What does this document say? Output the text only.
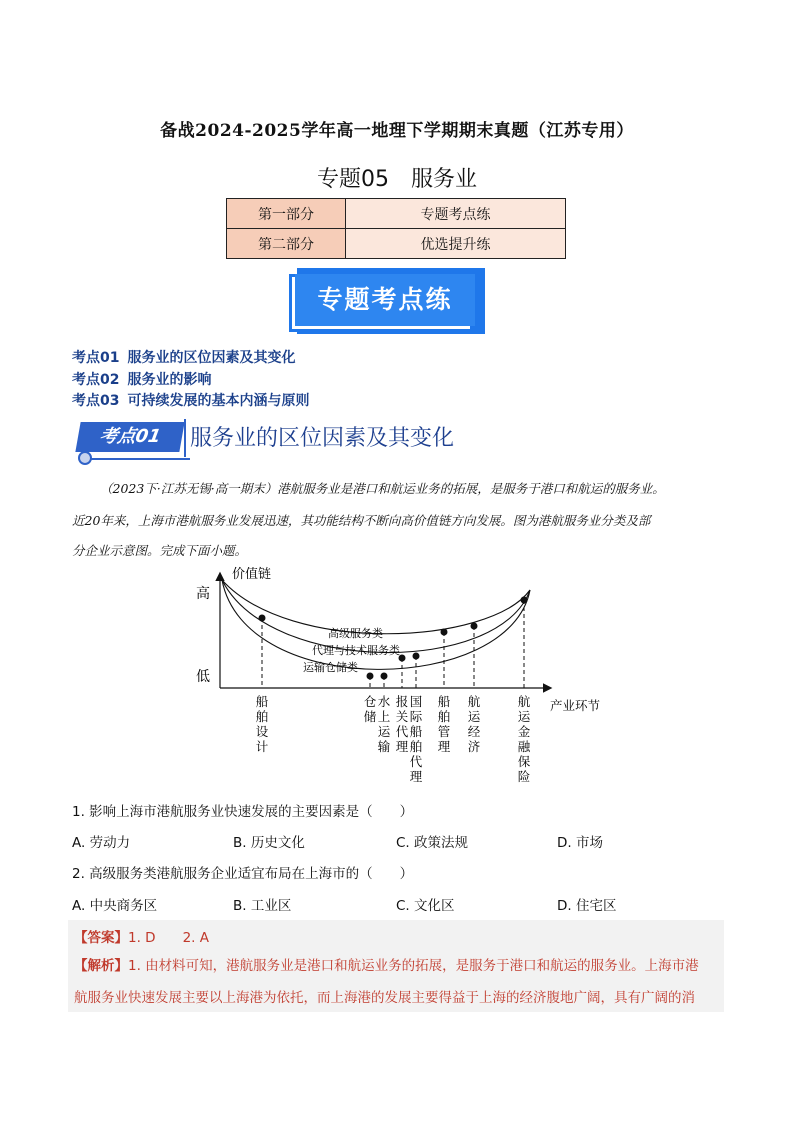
备战2024-2025学年高一地理下学期期末真题（江苏专用）
专题05　服务业
第一部分	专题考点练
第二部分	优选提升练
专题考点练
考点01 服务业的区位因素及其变化
考点02 服务业的影响
考点03 可持续发展的基本内涵与原则
考点01	服务业的区位因素及其变化
（2023下·江苏无锡·高一期末）港航服务业是港口和航运业务的拓展，是服务于港口和航运的服务业。
近20年来，上海市港航服务业发展迅速，其功能结构不断向高价值链方向发展。图为港航服务业分类及部
分企业示意图。完成下面小题。
价值链
高
低
产业环节
高级服务类
代理与技术服务类
运输仓储类
船舶设计
仓储
水上运输
报关代理
国际船舶代理
船舶管理
航运经济
航运金融保险
1. 影响上海市港航服务业快速发展的主要因素是（　　）
A. 劳动力	B. 历史文化	C. 政策法规	D. 市场
2. 高级服务类港航服务企业适宜布局在上海市的（　　）
A. 中央商务区	B. 工业区	C. 文化区	D. 住宅区
【答案】1. D　　2. A
【解析】1. 由材料可知，港航服务业是港口和航运业务的拓展，是服务于港口和航运的服务业。上海市港
航服务业快速发展主要以上海港为依托，而上海港的发展主要得益于上海的经济腹地广阔，具有广阔的消
